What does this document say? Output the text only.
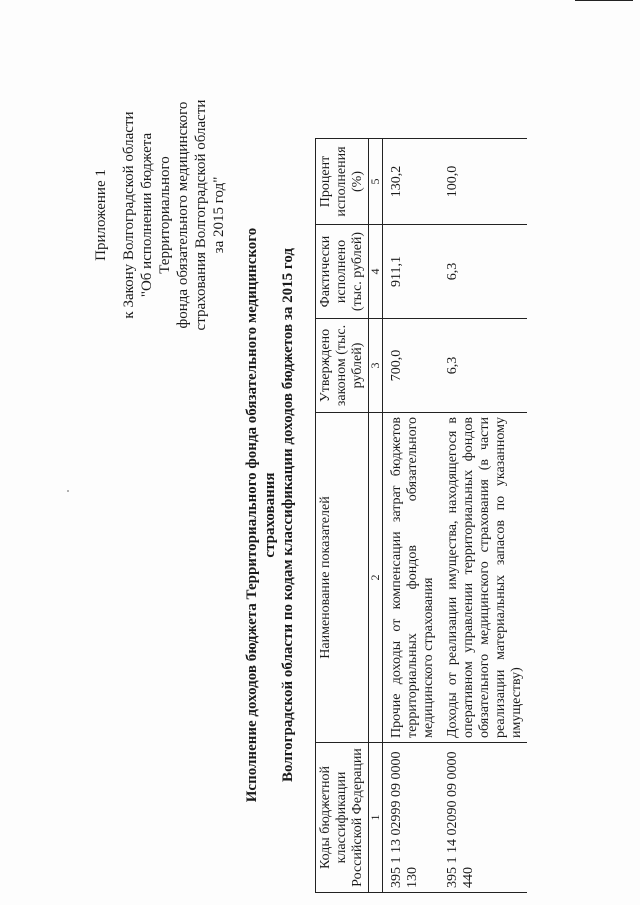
Приложение 1 к Закону Волгоградской области "Об исполнении бюджета Территориального фонда обязательного медицинского страхования Волгоградской области за 2015 год"
Исполнение доходов бюджета Территориального фонда обязательного медицинского страхования Волгоградской области по кодам классификации доходов бюджетов за 2015 год
Коды бюджетной классификации Российской Федерации	Наименование показателей	Утверждено законом (тыс. рублей)	Фактически исполнено (тыс. рублей)	Процент исполнения (%)
1	2	3	4	5
395 1 13 02999 09 0000 130	Прочие доходы от компенсации затрат бюджетов территориальных фондов обязательного медицинского страхования	700,0	911,1	130,2
395 1 14 02090 09 0000 440	Доходы от реализации имущества, находящегося в оперативном управлении территориальных фондов обязательного медицинского страхования (в части реализации материальных запасов по указанному имуществу)	6,3	6,3	100,0
